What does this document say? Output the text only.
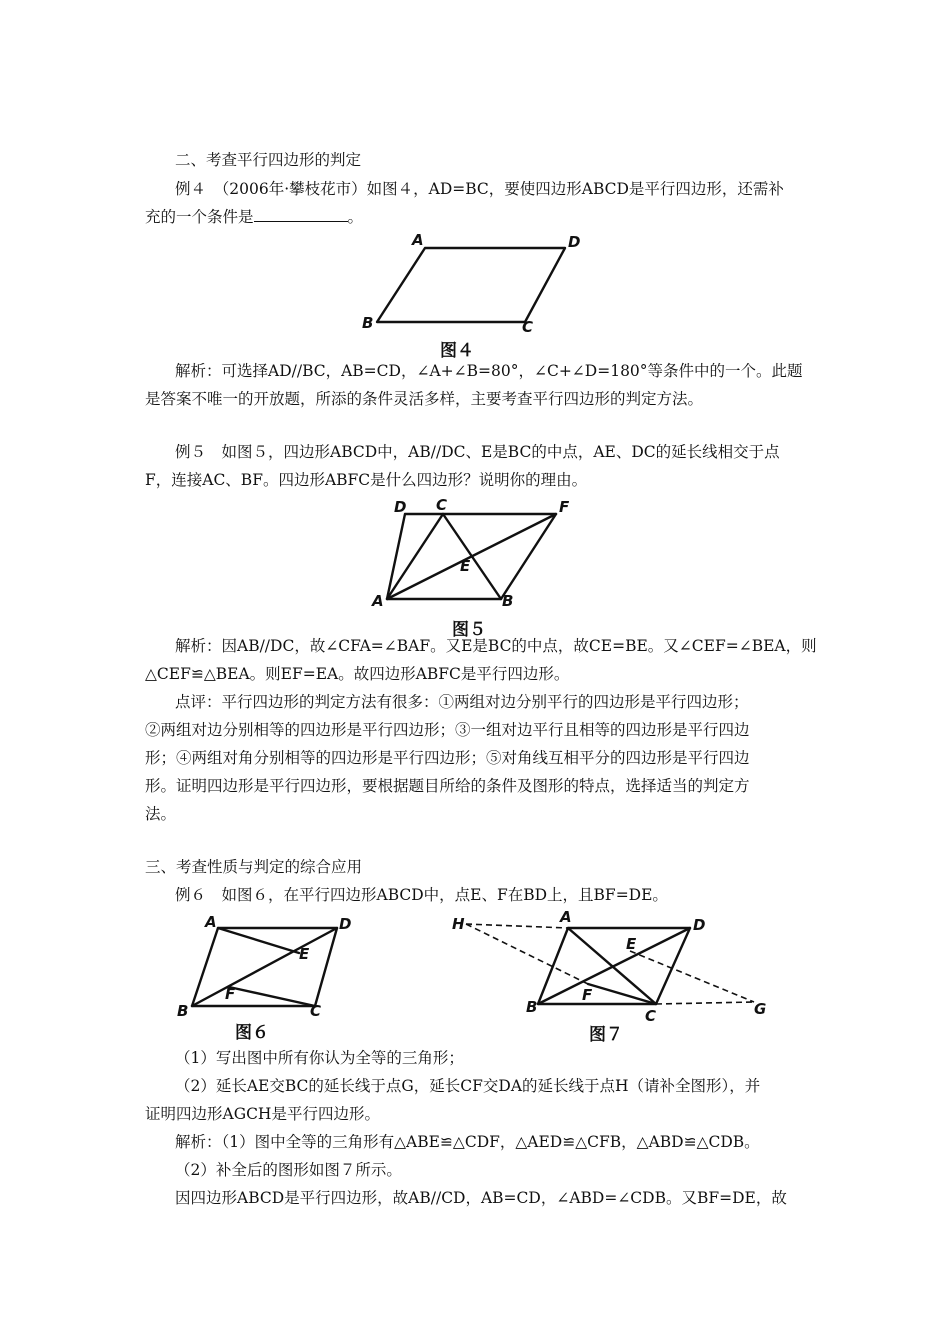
二、考查平行四边形的判定

例４　（2006年·攀枝花市）如图４，AD=BC，要使四边形ABCD是平行四边形，还需补

充的一个条件是	。

A	D
B	C
图４

解析：可选择AD//BC，AB=CD，∠A+∠B=80°，∠C+∠D=180°等条件中的一个。此题

是答案不唯一的开放题，所添的条件灵活多样，主要考查平行四边形的判定方法。

例５　如图５，四边形ABCD中，AB//DC、E是BC的中点，AE、DC的延长线相交于点

F，连接AC、BF。四边形ABFC是什么四边形？说明你的理由。

D C	F
E
A	B
图５

解析：因AB//DC，故∠CFA=∠BAF。又E是BC的中点，故CE=BE。又∠CEF=∠BEA，则

△CEF≌△BEA。则EF=EA。故四边形ABFC是平行四边形。

点评：平行四边形的判定方法有很多：①两组对边分别平行的四边形是平行四边形；

②两组对边分别相等的四边形是平行四边形；③一组对边平行且相等的四边形是平行四边

形；④两组对角分别相等的四边形是平行四边形；⑤对角线互相平分的四边形是平行四边

形。证明四边形是平行四边形，要根据题目所给的条件及图形的特点，选择适当的判定方

法。

三、考查性质与判定的综合应用

例６　如图６，在平行四边形ABCD中，点E、F在BD上，且BF=DE。

A	D
E
F
B	C
图６
H	A	D
E
F
B	C	G
图７

（1）写出图中所有你认为全等的三角形；

（2）延长AE交BC的延长线于点G，延长CF交DA的延长线于点H（请补全图形），并

证明四边形AGCH是平行四边形。

解析：（1）图中全等的三角形有△ABE≌△CDF，△AED≌△CFB，△ABD≌△CDB。

（2）补全后的图形如图７所示。

因四边形ABCD是平行四边形，故AB//CD，AB=CD，∠ABD=∠CDB。又BF=DE，故
